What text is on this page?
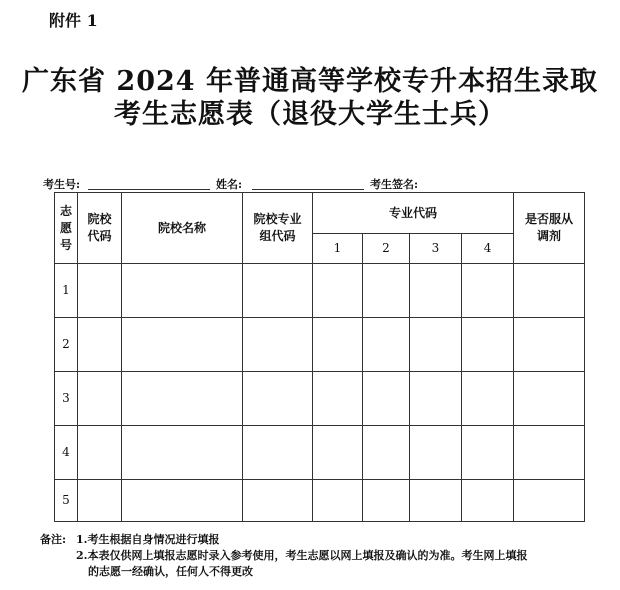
附件 1
广东省 2024 年普通高等学校专升本招生录取
考生志愿表（退役大学生士兵）
考生号:	姓名:	考生签名:
志愿号	院校代码	院校名称	院校专业组代码	专业代码				是否服从调剂
				1	2	3	4	
1								
2								
3								
4								
5								
备注: 1.考生根据自身情况进行填报
2.本表仅供网上填报志愿时录入参考使用，考生志愿以网上填报及确认的为准。考生网上填报
的志愿一经确认，任何人不得更改
